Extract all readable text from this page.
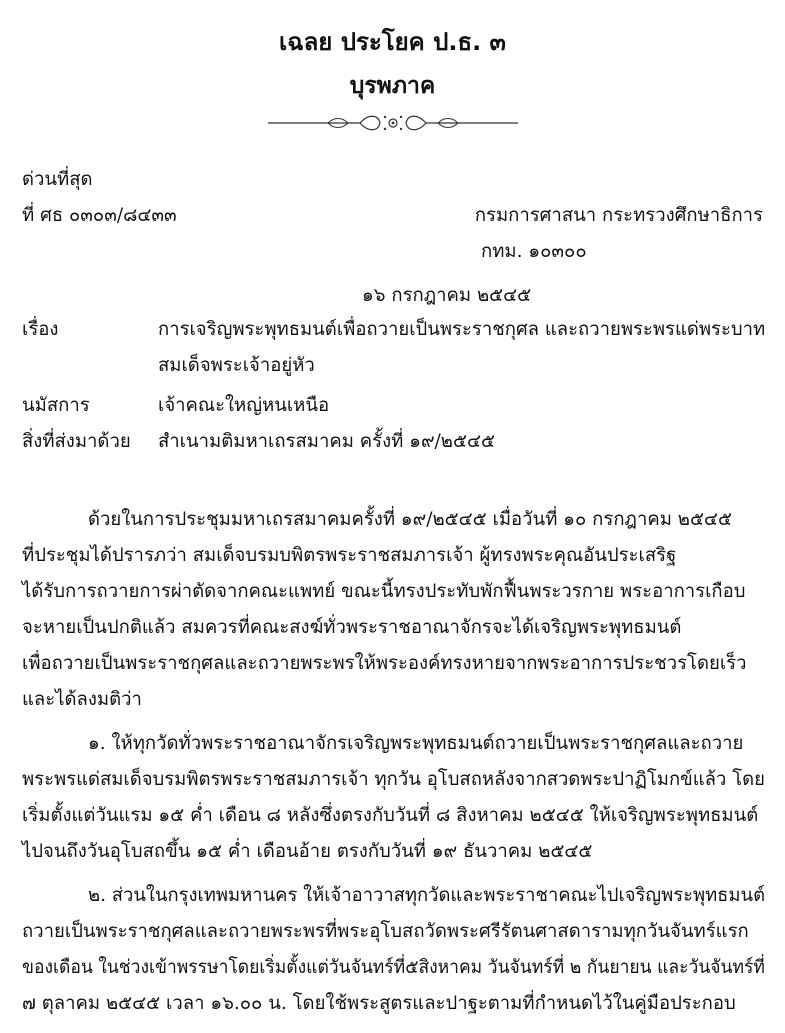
เฉลย ประโยค ป.ธ. ๓
บุรพภาค
ด่วนที่สุด
ที่ ศธ ๐๓๐๓/๘๔๓๓	กรมการศาสนา กระทรวงศึกษาธิการ
กทม. ๑๐๓๐๐
๑๖ กรกฎาคม ๒๕๔๕
เรื่อง	การเจริญพระพุทธมนต์เพื่อถวายเป็นพระราชกุศล และถวายพระพรแด่พระบาท
สมเด็จพระเจ้าอยู่หัว
นมัสการ	เจ้าคณะใหญ่หนเหนือ
สิ่งที่ส่งมาด้วย สำเนามติมหาเถรสมาคม ครั้งที่ ๑๙/๒๕๔๕
ด้วยในการประชุมมหาเถรสมาคมครั้งที่ ๑๙/๒๕๔๕ เมื่อวันที่ ๑๐ กรกฎาคม ๒๕๔๕
ที่ประชุมได้ปรารภว่า สมเด็จบรมบพิตรพระราชสมภารเจ้า ผู้ทรงพระคุณอันประเสริฐ
ได้รับการถวายการผ่าตัดจากคณะแพทย์ ขณะนี้ทรงประทับพักฟื้นพระวรกาย พระอาการเกือบ
จะหายเป็นปกติแล้ว สมควรที่คณะสงฆ์ทั่วพระราชอาณาจักรจะได้เจริญพระพุทธมนต์
เพื่อถวายเป็นพระราชกุศลและถวายพระพรให้พระองค์ทรงหายจากพระอาการประชวรโดยเร็ว
และได้ลงมติว่า
๑. ให้ทุกวัดทั่วพระราชอาณาจักรเจริญพระพุทธมนต์ถวายเป็นพระราชกุศลและถวาย
พระพรแด่สมเด็จบรมพิตรพระราชสมภารเจ้า ทุกวัน อุโบสถหลังจากสวดพระปาฏิโมกข์แล้ว โดย
เริ่มตั้งแต่วันแรม ๑๕ ค่ำ เดือน ๘ หลังซึ่งตรงกับวันที่ ๘ สิงหาคม ๒๕๔๕ ให้เจริญพระพุทธมนต์
ไปจนถึงวันอุโบสถขึ้น ๑๕ ค่ำ เดือนอ้าย ตรงกับวันที่ ๑๙ ธันวาคม ๒๕๔๕
๒. ส่วนในกรุงเทพมหานคร ให้เจ้าอาวาสทุกวัดและพระราชาคณะไปเจริญพระพุทธมนต์
ถวายเป็นพระราชกุศลและถวายพระพรที่พระอุโบสถวัดพระศรีรัตนศาสดารามทุกวันจันทร์แรก
ของเดือน ในช่วงเข้าพรรษาโดยเริ่มตั้งแต่วันจันทร์ที่๕สิงหาคม วันจันทร์ที่ ๒ กันยายน และวันจันทร์ที่
๗ ตุลาคม ๒๕๔๕ เวลา ๑๖.๐๐ น. โดยใช้พระสูตรและปาฐะตามที่กำหนดไว้ในคู่มือประกอบ
